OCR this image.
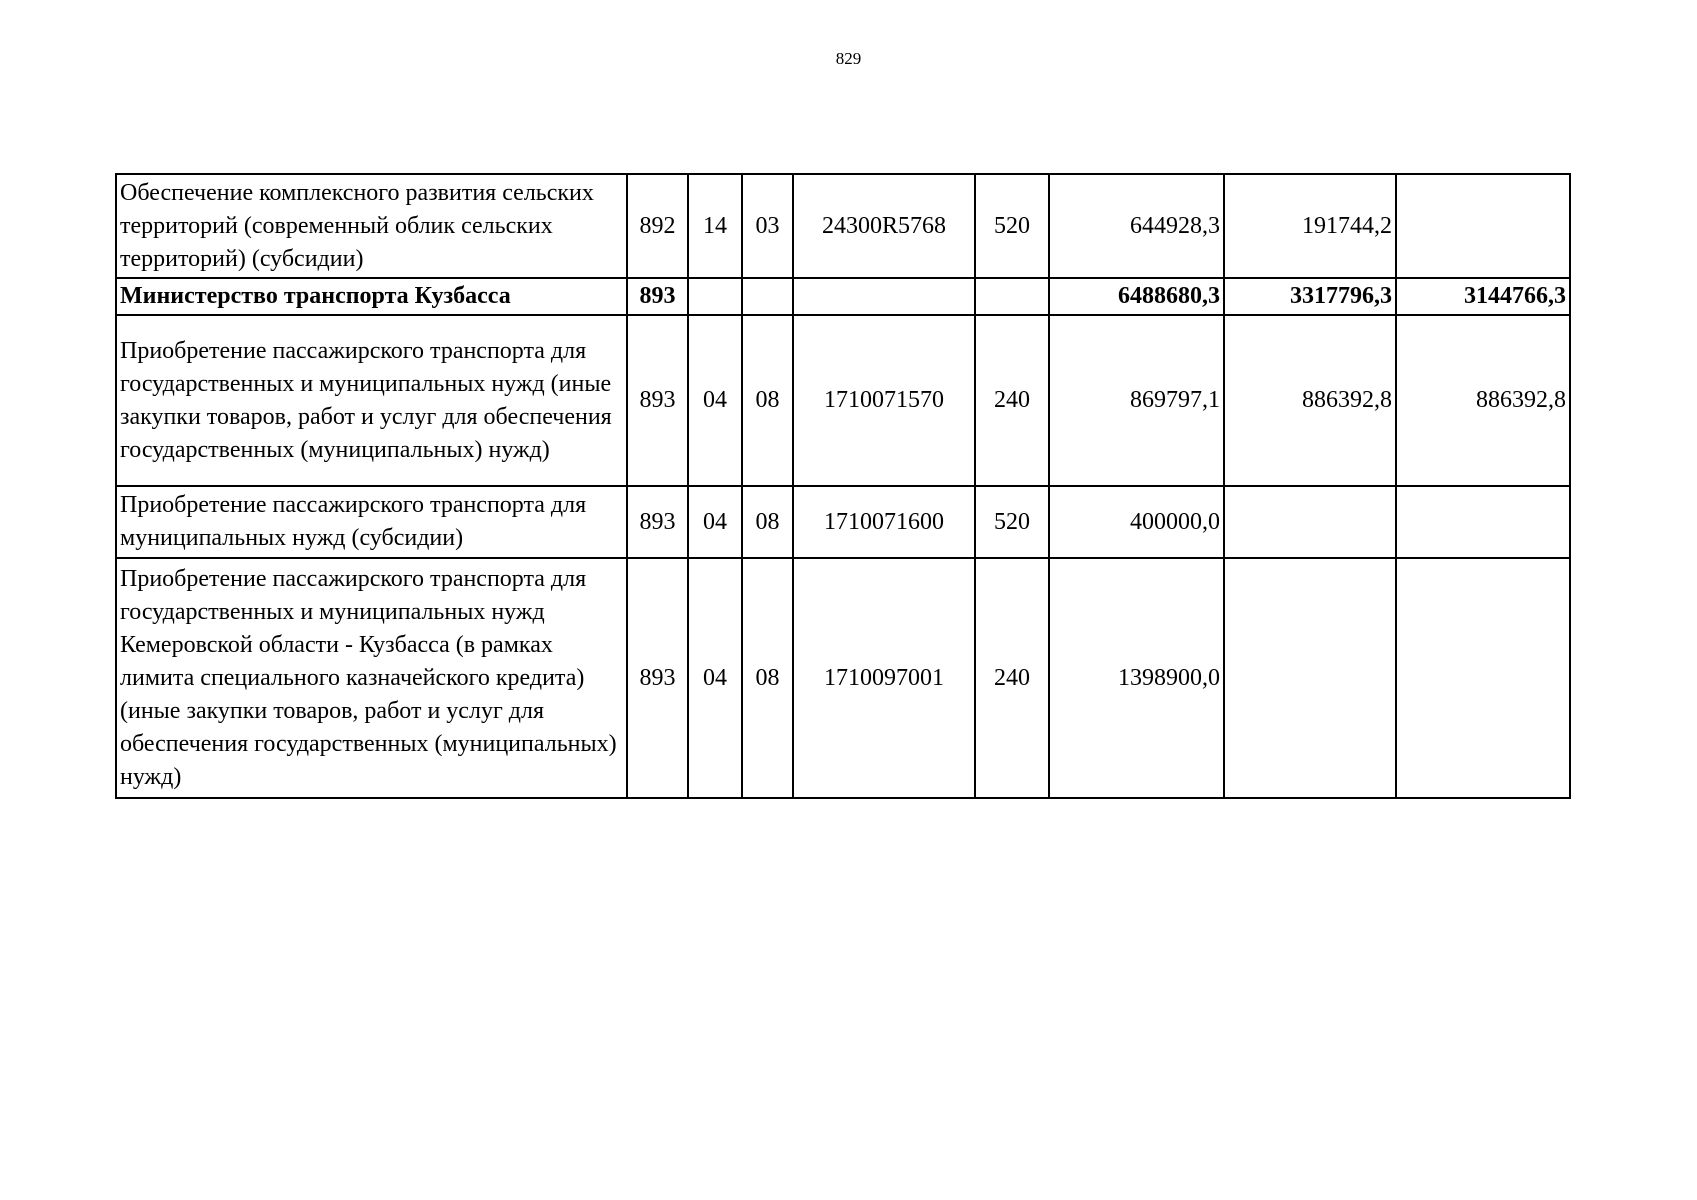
829
Обеспечение комплексного развития сельских территорий (современный облик сельских территорий) (субсидии)	892	14	03	24300R5768	520	644928,3	191744,2	
Министерство транспорта Кузбасса	893					6488680,3	3317796,3	3144766,3
Приобретение пассажирского транспорта для государственных и муниципальных нужд (иные закупки товаров, работ и услуг для обеспечения государственных (муниципальных) нужд)	893	04	08	1710071570	240	869797,1	886392,8	886392,8
Приобретение пассажирского транспорта для муниципальных нужд (субсидии)	893	04	08	1710071600	520	400000,0		
Приобретение пассажирского транспорта для государственных и муниципальных нужд Кемеровской области - Кузбасса (в рамках лимита специального казначейского кредита) (иные закупки товаров, работ и услуг для обеспечения государственных (муниципальных) нужд)	893	04	08	1710097001	240	1398900,0		
